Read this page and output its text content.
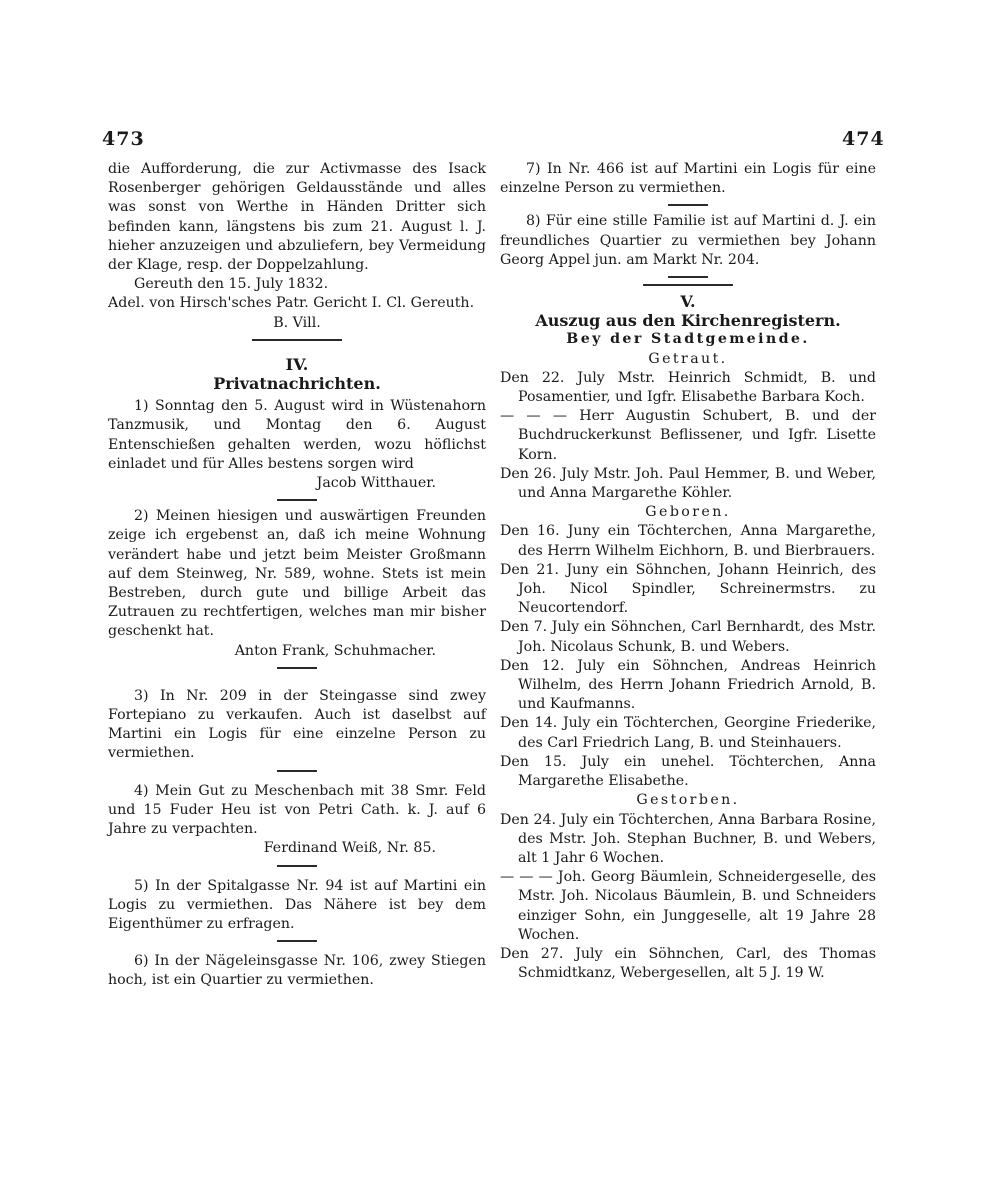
473	474

die Aufforderung, die zur Activmasse des Isack Rosenberger gehörigen Geldausstände und alles was sonst von Werthe in Händen Dritter sich befinden kann, längstens bis zum 21. August l. J. hieher anzuzeigen und abzuliefern, bey Vermeidung der Klage, resp. der Doppelzahlung.

Gereuth den 15. July 1832.

Adel. von Hirsch'sches Patr. Gericht I. Cl. Gereuth.

B. Vill.

IV.

Privatnachrichten.

1) Sonntag den 5. August wird in Wüstenahorn Tanzmusik, und Montag den 6. August Entenschießen gehalten werden, wozu höflichst einladet und für Alles bestens sorgen wird

Jacob Witthauer.

2) Meinen hiesigen und auswärtigen Freunden zeige ich ergebenst an, daß ich meine Wohnung verändert habe und jetzt beim Meister Großmann auf dem Steinweg, Nr. 589, wohne. Stets ist mein Bestreben, durch gute und billige Arbeit das Zutrauen zu rechtfertigen, welches man mir bisher geschenkt hat.

Anton Frank, Schuhmacher.

3) In Nr. 209 in der Steingasse sind zwey Fortepiano zu verkaufen. Auch ist daselbst auf Martini ein Logis für eine einzelne Person zu vermiethen.

4) Mein Gut zu Meschenbach mit 38 Smr. Feld und 15 Fuder Heu ist von Petri Cath. k. J. auf 6 Jahre zu verpachten.

Ferdinand Weiß, Nr. 85.

5) In der Spitalgasse Nr. 94 ist auf Martini ein Logis zu vermiethen. Das Nähere ist bey dem Eigenthümer zu erfragen.

6) In der Nägeleinsgasse Nr. 106, zwey Stiegen hoch, ist ein Quartier zu vermiethen.

7) In Nr. 466 ist auf Martini ein Logis für eine einzelne Person zu vermiethen.

8) Für eine stille Familie ist auf Martini d. J. ein freundliches Quartier zu vermiethen bey Johann Georg Appel jun. am Markt Nr. 204.

V.

Auszug aus den Kirchenregistern.

Bey der Stadtgemeinde.

Getraut.

Den 22. July Mstr. Heinrich Schmidt, B. und Posamentier, und Igfr. Elisabethe Barbara Koch.

— — — Herr Augustin Schubert, B. und der Buchdruckerkunst Beflissener, und Igfr. Lisette Korn.

Den 26. July Mstr. Joh. Paul Hemmer, B. und Weber, und Anna Margarethe Köhler.

Geboren.

Den 16. Juny ein Töchterchen, Anna Margarethe, des Herrn Wilhelm Eichhorn, B. und Bierbrauers.

Den 21. Juny ein Söhnchen, Johann Heinrich, des Joh. Nicol Spindler, Schreinermstrs. zu Neucortendorf.

Den 7. July ein Söhnchen, Carl Bernhardt, des Mstr. Joh. Nicolaus Schunk, B. und Webers.

Den 12. July ein Söhnchen, Andreas Heinrich Wilhelm, des Herrn Johann Friedrich Arnold, B. und Kaufmanns.

Den 14. July ein Töchterchen, Georgine Friederike, des Carl Friedrich Lang, B. und Steinhauers.

Den 15. July ein unehel. Töchterchen, Anna Margarethe Elisabethe.

Gestorben.

Den 24. July ein Töchterchen, Anna Barbara Rosine, des Mstr. Joh. Stephan Buchner, B. und Webers, alt 1 Jahr 6 Wochen.

— — — Joh. Georg Bäumlein, Schneidergeselle, des Mstr. Joh. Nicolaus Bäumlein, B. und Schneiders einziger Sohn, ein Junggeselle, alt 19 Jahre 28 Wochen.

Den 27. July ein Söhnchen, Carl, des Thomas Schmidtkanz, Webergesellen, alt 5 J. 19 W.
